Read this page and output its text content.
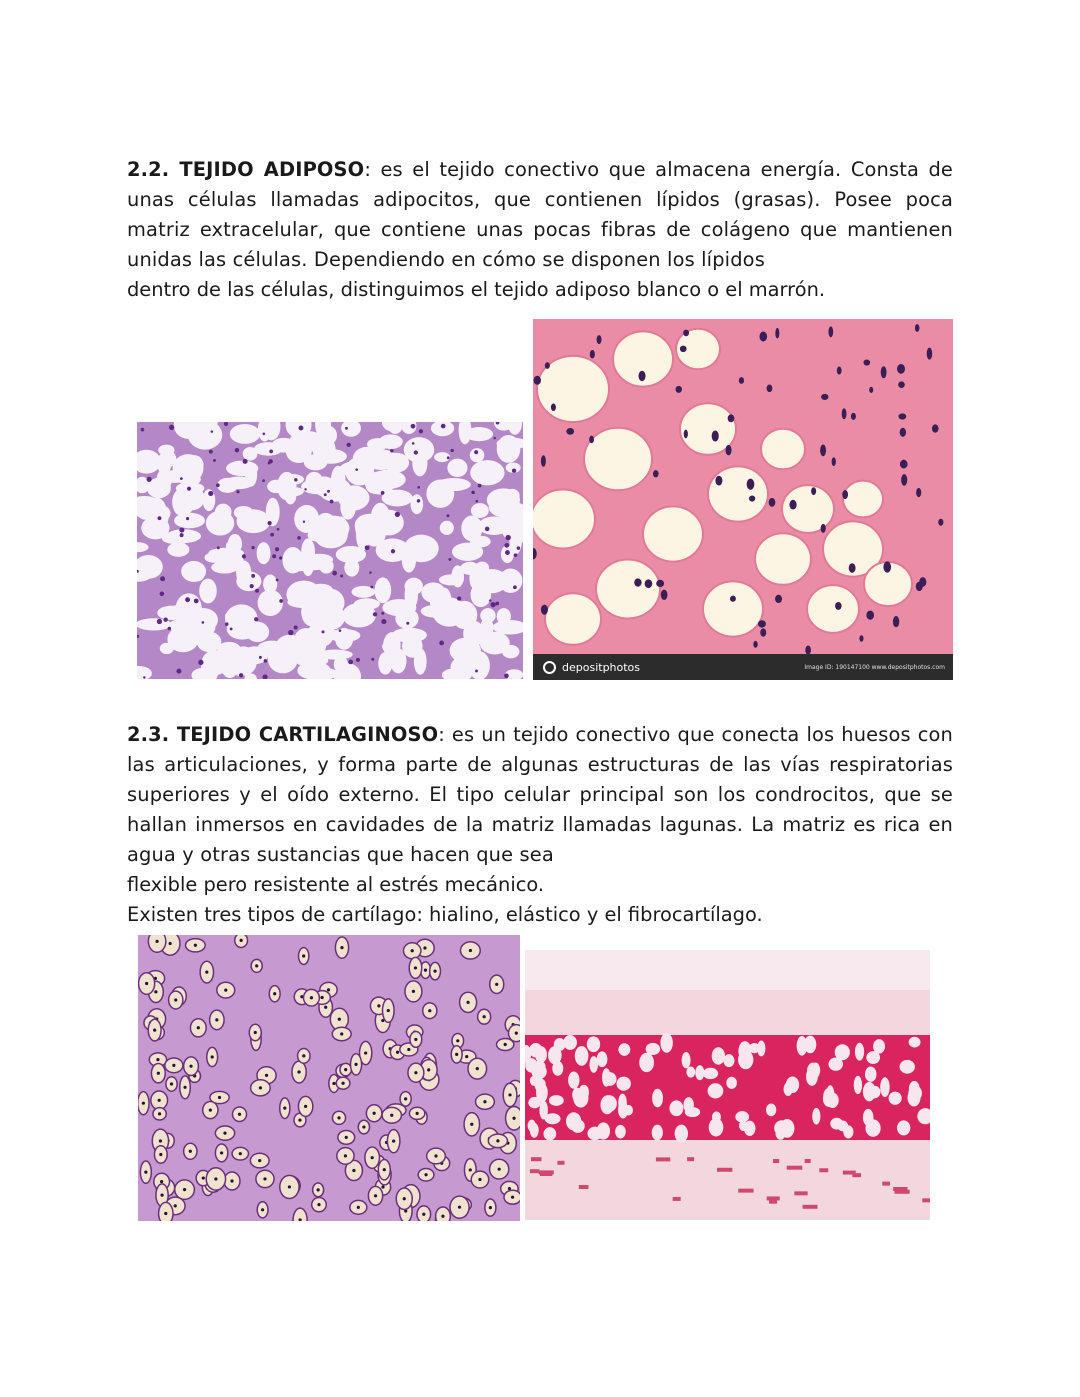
2.2. TEJIDO ADIPOSO: es el tejido conectivo que almacena energía. Consta de unas células llamadas adipocitos, que contienen lípidos (grasas). Posee poca matriz extracelular, que contiene unas pocas fibras de colágeno que mantienen unidas las células. Dependiendo en cómo se disponen los lípidos
dentro de las células, distinguimos el tejido adiposo blanco o el marrón.
depositphotos	Image ID: 190147100 www.depositphotos.com
2.3. TEJIDO CARTILAGINOSO: es un tejido conectivo que conecta los huesos con las articulaciones, y forma parte de algunas estructuras de las vías respiratorias superiores y el oído externo. El tipo celular principal son los condrocitos, que se hallan inmersos en cavidades de la matriz llamadas lagunas. La matriz es rica en agua y otras sustancias que hacen que sea
flexible pero resistente al estrés mecánico.
Existen tres tipos de cartílago: hialino, elástico y el fibrocartílago.
